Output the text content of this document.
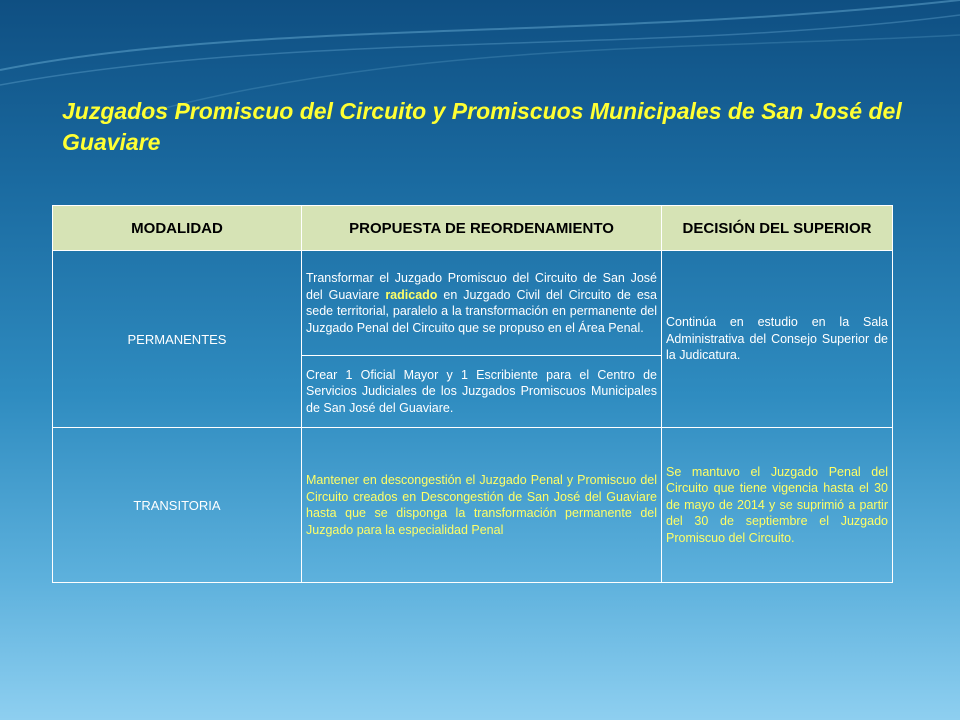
Juzgados Promiscuo del Circuito y Promiscuos Municipales de San José del Guaviare
MODALIDAD	PROPUESTA DE REORDENAMIENTO	DECISIÓN DEL SUPERIOR
PERMANENTES	Transformar el Juzgado Promiscuo del Circuito de San José del Guaviare radicado en Juzgado Civil del Circuito de esa sede territorial, paralelo a la transformación en permanente del Juzgado Penal del Circuito que se propuso en el Área Penal.	Continúa en estudio en la Sala Administrativa del Consejo Superior de la Judicatura.
	Crear 1 Oficial Mayor y 1 Escribiente para el Centro de Servicios Judiciales de los Juzgados Promiscuos Municipales de San José del Guaviare.	
TRANSITORIA	Mantener en descongestión el Juzgado Penal y Promiscuo del Circuito creados en Descongestión de San José del Guaviare hasta que se disponga la transformación permanente del Juzgado para la especialidad Penal	Se mantuvo el Juzgado Penal del Circuito que tiene vigencia hasta el 30 de mayo de 2014 y se suprimió a partir del 30 de septiembre el Juzgado Promiscuo del Circuito.
